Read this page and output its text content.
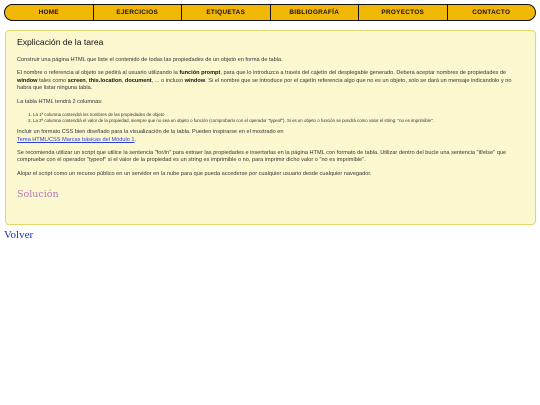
HOME	EJERCICIOS	ETIQUETAS	BIBLIOGRAFÍA	PROYECTOS	CONTACTO
Explicación de la tarea

Construir una página HTML que liste el contenido de todas las propiedades de un objeto en forma de tabla.

El nombre o referencia al objeto se pedirá al usuario utilizando la función prompt, para que lo introduzca a través del cajetín del desplegable generado. Debera aceptar nombres de propiedades de window tales como screen, this.location, document, ... o incluso window. Si el nombre que se introduce por el cajetín referencia algo que no es un objeto, solo se dará un mensaje indicandolo y no habra que listar ninguna tabla.

La tabla HTML tendrá 2 columnas:

1. La 1ª columna contendrá los nombres de las propiedades de objeto
2. La 2ª columna contendrá el valor de la propiedad, siempre que no sea un objeto o función (comprobarlo con el operador "typeof"). Si es un objeto o función se pondrá como valor el string: "no es imprimible".

Incluir un formato CSS bien diseñado para la visualización de la tabla. Pueden inspirarse en el mostrado en
Tema HTML/CSS Marcas básicas del Módulo 1.

Se recomienda utilizar un script que utilice la sentencia "for/in" para extraer las propiedades e insertarlas en la página HTML con formato de tabla. Utilizar dentro del bucle una sentencia "if/else" que compruebe con el operador "typeof" si el valor de la propiedad es un string es imprimible o no, para imprimir dicho valor o "no es imprimible".

Alojar el script como un recurso público en un servidor en la nube para que pueda accederse por cualquier usuario desde cualquier navegador.

Solución
Volver
